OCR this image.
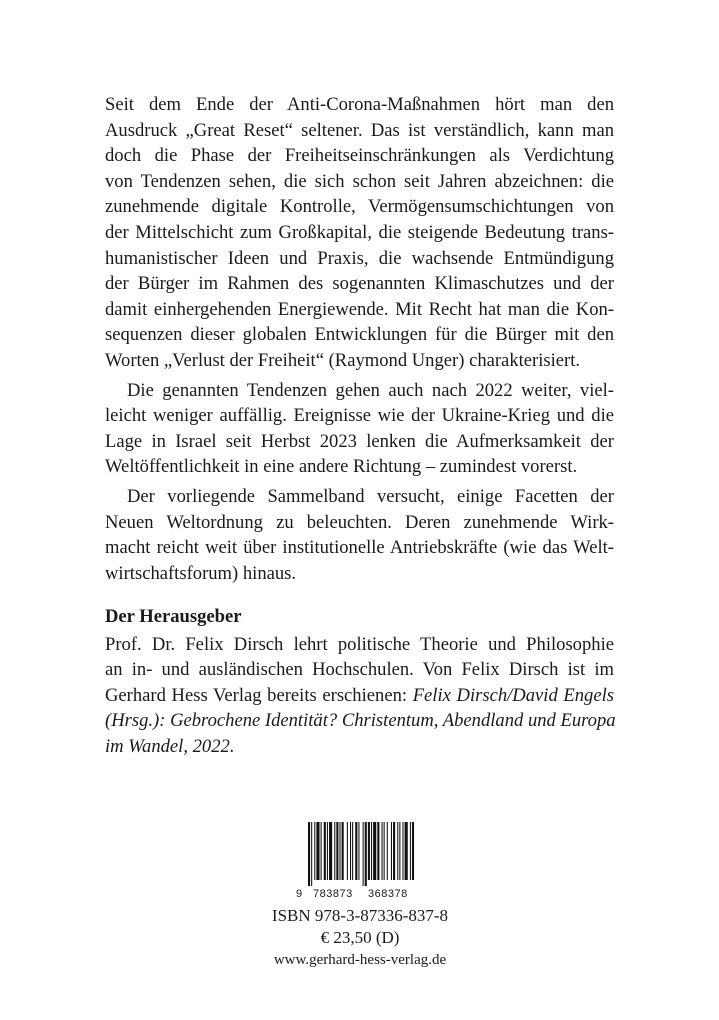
Seit dem Ende der Anti-Corona-Maßnahmen hört man den
Ausdruck „Great Reset“ seltener. Das ist verständlich, kann man
doch die Phase der Freiheitseinschränkungen als Verdichtung
von Tendenzen sehen, die sich schon seit Jahren abzeichnen: die
zunehmende digitale Kontrolle, Vermögensumschichtungen von
der Mittelschicht zum Großkapital, die steigende Bedeutung trans-
humanistischer Ideen und Praxis, die wachsende Entmündigung
der Bürger im Rahmen des sogenannten Klimaschutzes und der
damit einhergehenden Energiewende. Mit Recht hat man die Kon-
sequenzen dieser globalen Entwicklungen für die Bürger mit den
Worten „Verlust der Freiheit“ (Raymond Unger) charakterisiert.

Die genannten Tendenzen gehen auch nach 2022 weiter, viel-
leicht weniger auffällig. Ereignisse wie der Ukraine-Krieg und die
Lage in Israel seit Herbst 2023 lenken die Aufmerksamkeit der
Weltöffentlichkeit in eine andere Richtung – zumindest vorerst.

Der vorliegende Sammelband versucht, einige Facetten der
Neuen Weltordnung zu beleuchten. Deren zunehmende Wirk-
macht reicht weit über institutionelle Antriebskräfte (wie das Welt-
wirtschaftsforum) hinaus.

Der Herausgeber
Prof. Dr. Felix Dirsch lehrt politische Theorie und Philosophie
an in- und ausländischen Hochschulen. Von Felix Dirsch ist im
Gerhard Hess Verlag bereits erschienen: Felix Dirsch/David Engels
(Hrsg.): Gebrochene Identität? Christentum, Abendland und Europa
im Wandel, 2022.
9 783873 368378
ISBN 978-3-87336-837-8
€ 23,50 (D)
www.gerhard-hess-verlag.de
